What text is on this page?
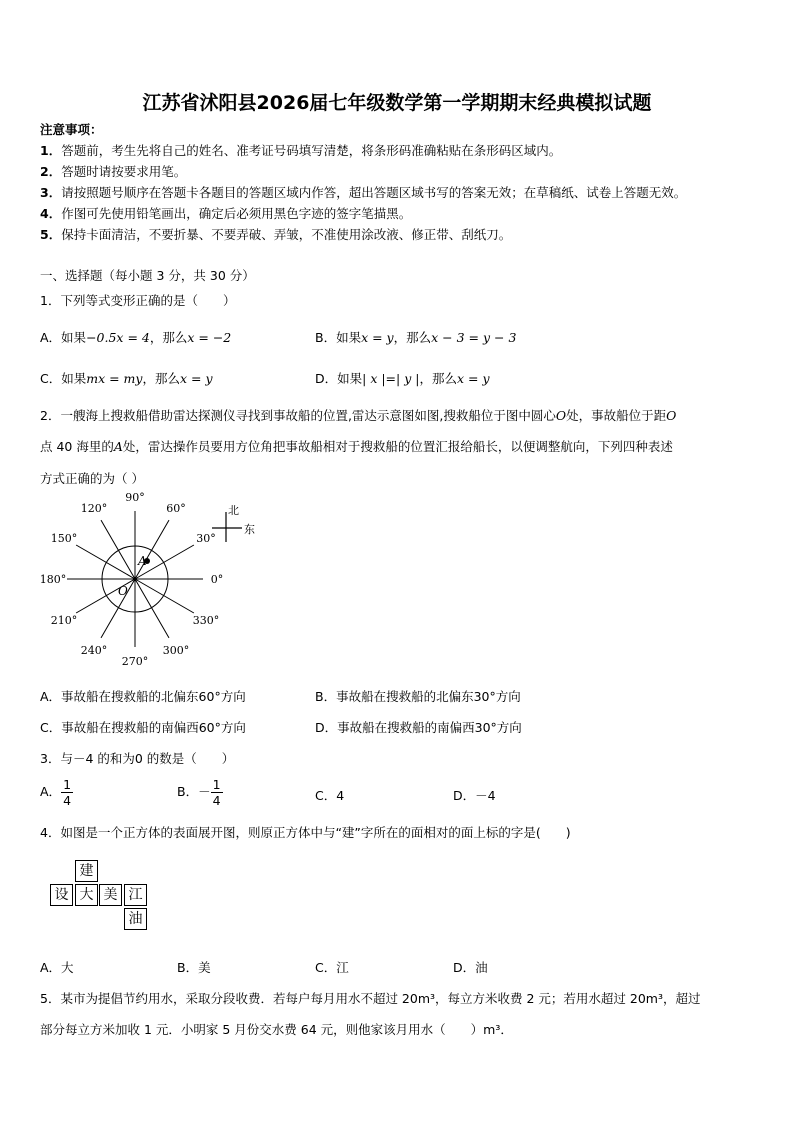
江苏省沭阳县2026届七年级数学第一学期期末经典模拟试题
注意事项：
1．答题前，考生先将自己的姓名、准考证号码填写清楚，将条形码准确粘贴在条形码区域内。
2．答题时请按要求用笔。
3．请按照题号顺序在答题卡各题目的答题区域内作答，超出答题区域书写的答案无效；在草稿纸、试卷上答题无效。
4．作图可先使用铅笔画出，确定后必须用黑色字迹的签字笔描黑。
5．保持卡面清洁，不要折暴、不要弄破、弄皱，不准使用涂改液、修正带、刮纸刀。
一、选择题（每小题 3 分，共 30 分）
1．下列等式变形正确的是（　　）
A．如果−0.5x = 4，那么x = −2	B．如果x = y，那么x − 3 = y − 3
C．如果mx = my，那么x = y	D．如果| x |=| y |，那么x = y
2．一艘海上搜救船借助雷达探测仪寻找到事故船的位置,雷达示意图如图,搜救船位于图中圆心O处，事故船位于距O
点 40 海里的A处，雷达操作员要用方位角把事故船相对于搜救船的位置汇报给船长，以便调整航向，下列四种表述
方式正确的为（ ）
0°
30°
60°
90°
120°
150°
180°
210°
240°
270°
300°
330°
A
O
北
东
A．事故船在搜救船的北偏东60°方向	B．事故船在搜救船的北偏东30°方向
C．事故船在搜救船的南偏西60°方向	D．事故船在搜救船的南偏西30°方向
3．与－4 的和为0 的数是（　　）
A． $\frac{1}{4}$	B．－ $\frac{1}{4}$	C．4	D．－4
4．如图是一个正方体的表面展开图，则原正方体中与“建”字所在的面相对的面上标的字是(　　)
建
设 大 美 江
油
A．大	B．美	C．江	D．油
5．某市为提倡节约用水，采取分段收费．若每户每月用水不超过 20m³，每立方米收费 2 元；若用水超过 20m³，超过
部分每立方米加收 1 元．小明家 5 月份交水费 64 元，则他家该月用水（　　）m³．
